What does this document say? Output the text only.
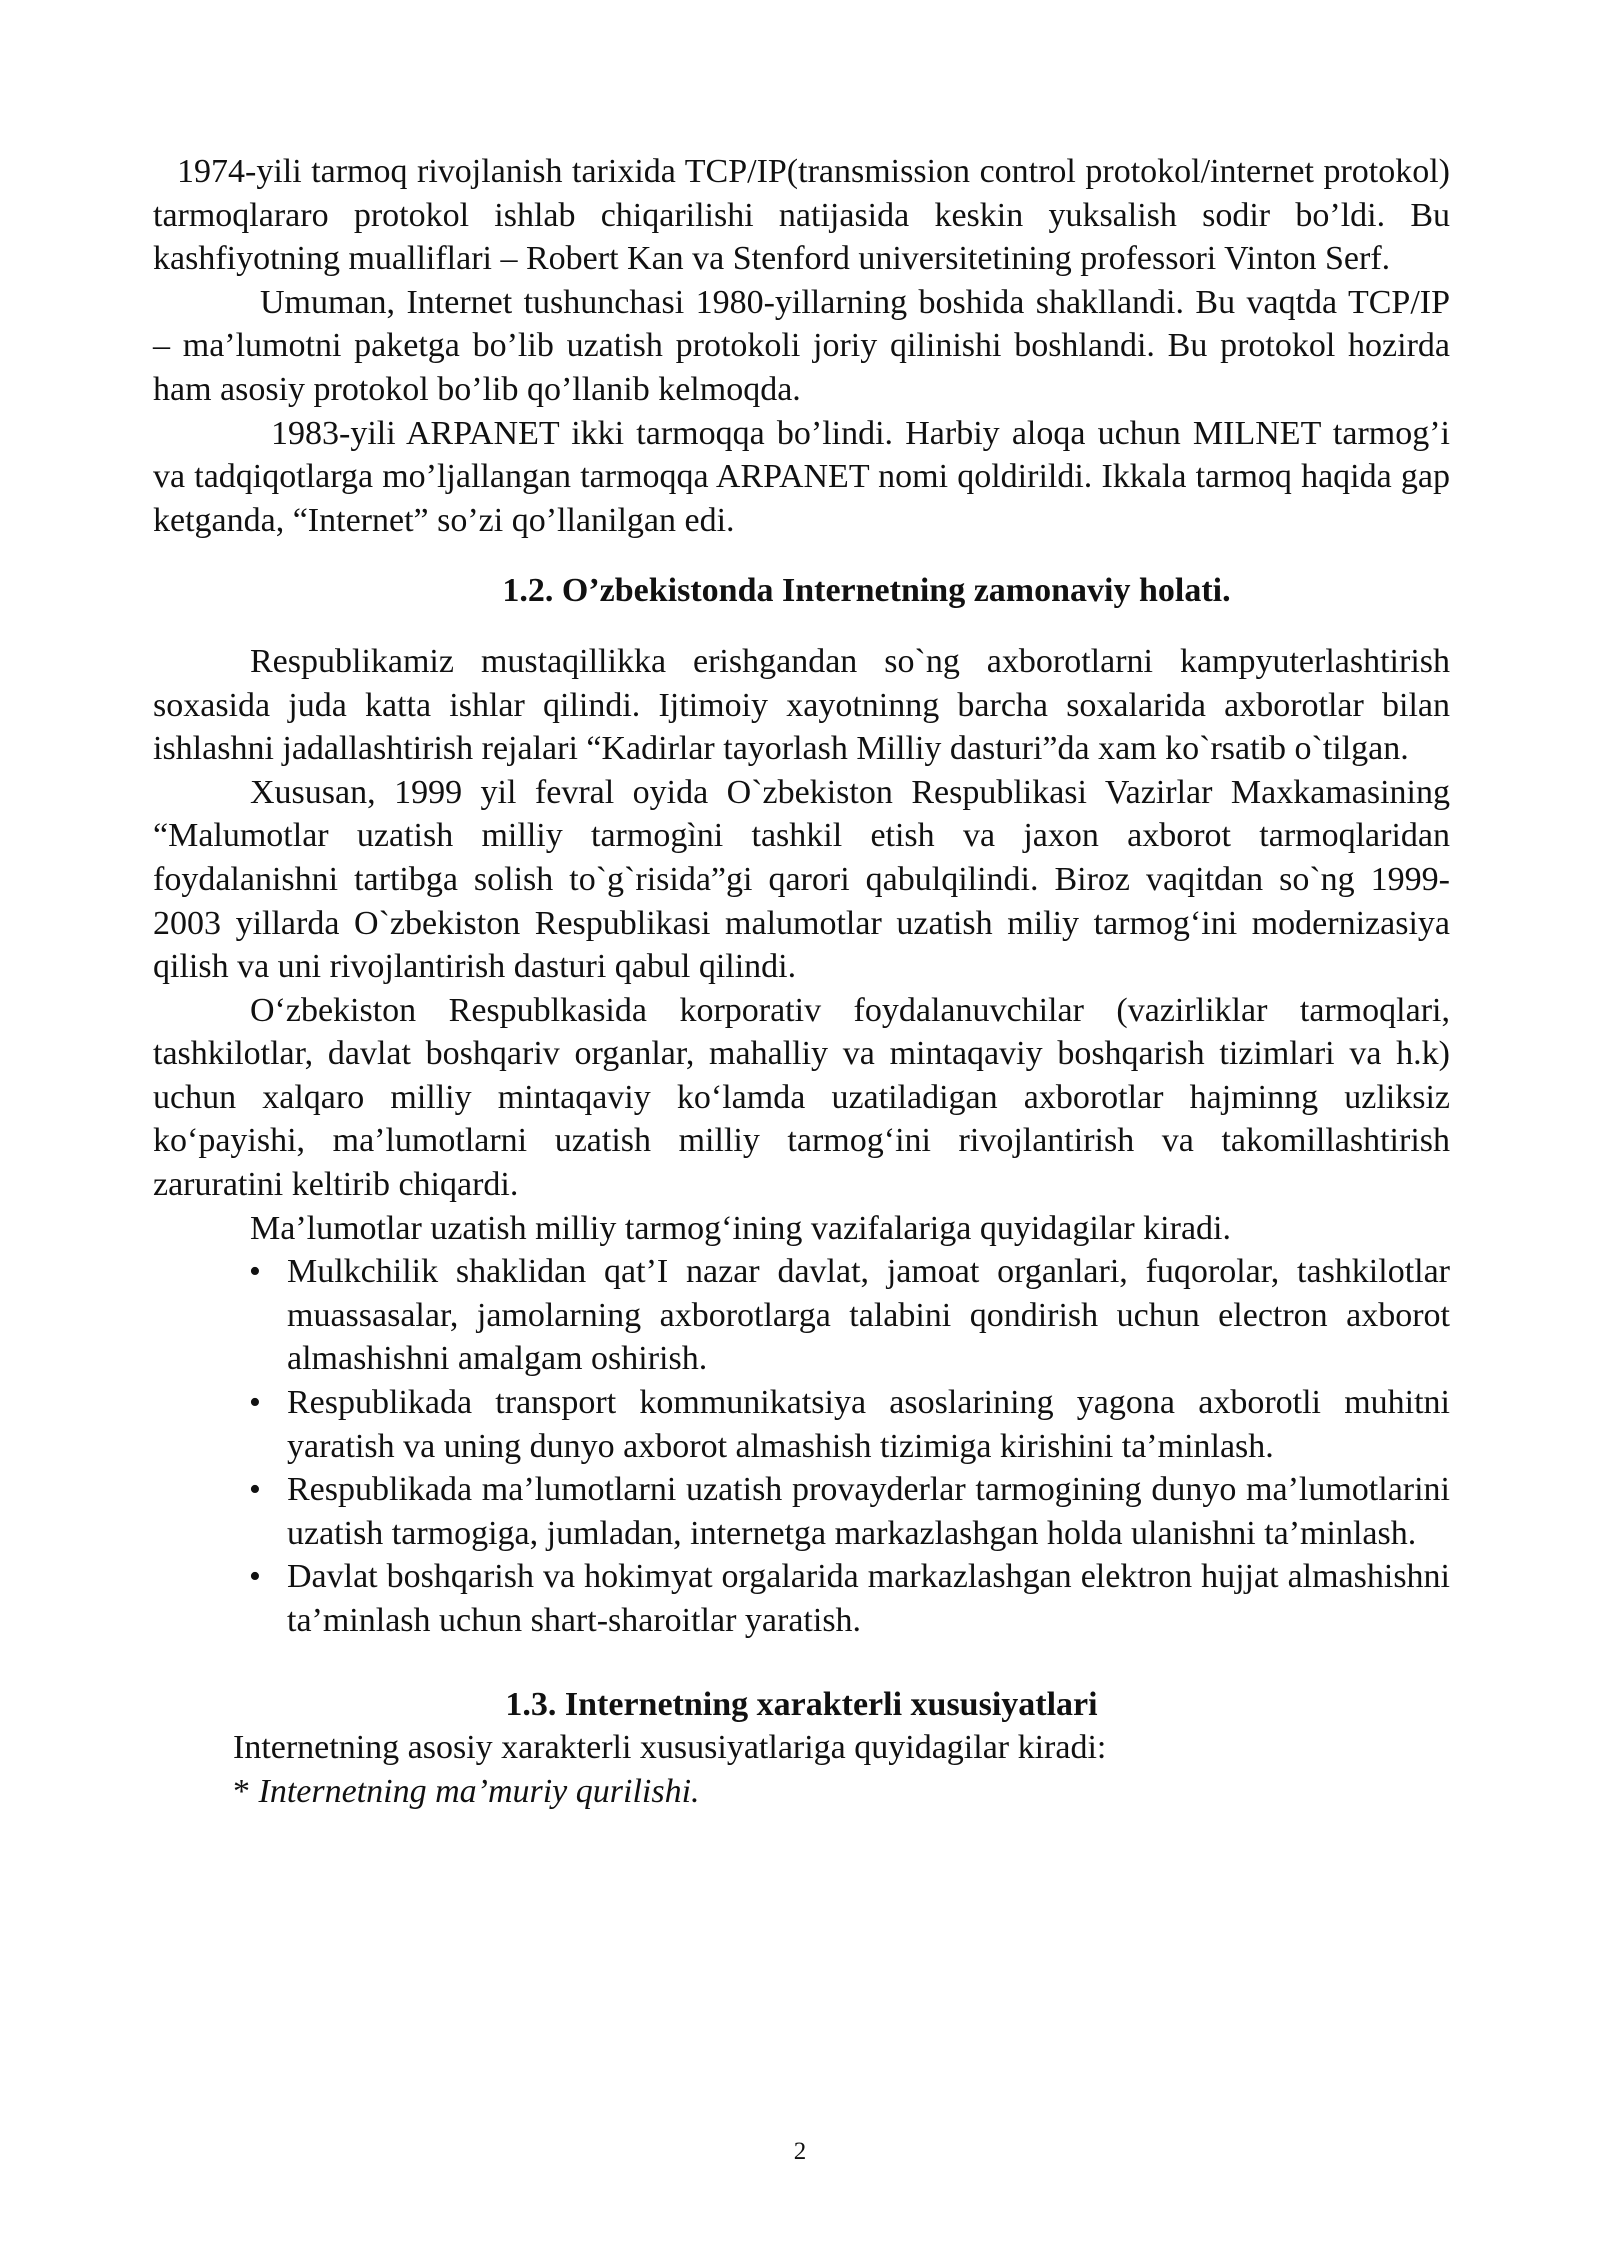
1974-yili tarmoq rivojlanish tarixida TCP/IP(transmission control protokol/internet protokol) tarmoqlararo protokol ishlab chiqarilishi natijasida keskin yuksalish sodir bo’ldi. Bu kashfiyotning mualliflari – Robert Kan va Stenford universitetining professori Vinton Serf.

Umuman, Internet tushunchasi 1980-yillarning boshida shakllandi. Bu vaqtda TCP/IP – ma’lumotni paketga bo’lib uzatish protokoli joriy qilinishi boshlandi. Bu protokol hozirda ham asosiy protokol bo’lib qo’llanib kelmoqda.

1983-yili ARPANET ikki tarmoqqa bo’lindi. Harbiy aloqa uchun MILNET tarmog’i va tadqiqotlarga mo’ljallangan tarmoqqa ARPANET nomi qoldirildi. Ikkala tarmoq haqida gap ketganda, “Internet” so’zi qo’llanilgan edi.

1.2. O’zbekistonda Internetning zamonaviy holati.

Respublikamiz mustaqillikka erishgandan so`ng axborotlarni kampyuterlashtirish soxasida juda katta ishlar qilindi. Ijtimoiy xayotninng barcha soxalarida axborotlar bilan ishlashni jadallashtirish rejalari “Kadirlar tayorlash Milliy dasturi”da xam ko`rsatib o`tilgan.

Xususan, 1999 yil fevral oyida O`zbekiston Respublikasi Vazirlar Maxkamasining “Malumotlar uzatish milliy tarmogìni tashkil etish va jaxon axborot tarmoqlaridan foydalanishni tartibga solish to`g`risida”gi qarori qabulqilindi. Biroz vaqitdan so`ng 1999-2003 yillarda O`zbekiston Respublikasi malumotlar uzatish miliy tarmog‘ini modernizasiya qilish va uni rivojlantirish dasturi qabul qilindi.

O‘zbekiston Respublkasida korporativ foydalanuvchilar (vazirliklar tarmoqlari, tashkilotlar, davlat boshqariv organlar, mahalliy va mintaqaviy boshqarish tizimlari va h.k) uchun xalqaro milliy mintaqaviy ko‘lamda uzatiladigan axborotlar hajminng uzliksiz ko‘payishi, ma’lumotlarni uzatish milliy tarmog‘ini rivojlantirish va takomillashtirish zaruratini keltirib chiqardi.

Ma’lumotlar uzatish milliy tarmog‘ining vazifalariga quyidagilar kiradi.

• Mulkchilik shaklidan qat’I nazar davlat, jamoat organlari, fuqorolar, tashkilotlar muassasalar, jamolarning axborotlarga talabini qondirish uchun electron axborot almashishni amalgam oshirish.
• Respublikada transport kommunikatsiya asoslarining yagona axborotli muhitni yaratish va uning dunyo axborot almashish tizimiga kirishini ta’minlash.
• Respublikada ma’lumotlarni uzatish provayderlar tarmogining dunyo ma’lumotlarini uzatish tarmogiga, jumladan, internetga markazlashgan holda ulanishni ta’minlash.
• Davlat boshqarish va hokimyat orgalarida markazlashgan elektron hujjat almashishni ta’minlash uchun shart-sharoitlar yaratish.

1.3. Internetning xarakterli xususiyatlari

Internetning asosiy xarakterli xususiyatlariga quyidagilar kiradi:

* Internetning ma’muriy qurilishi.

2
